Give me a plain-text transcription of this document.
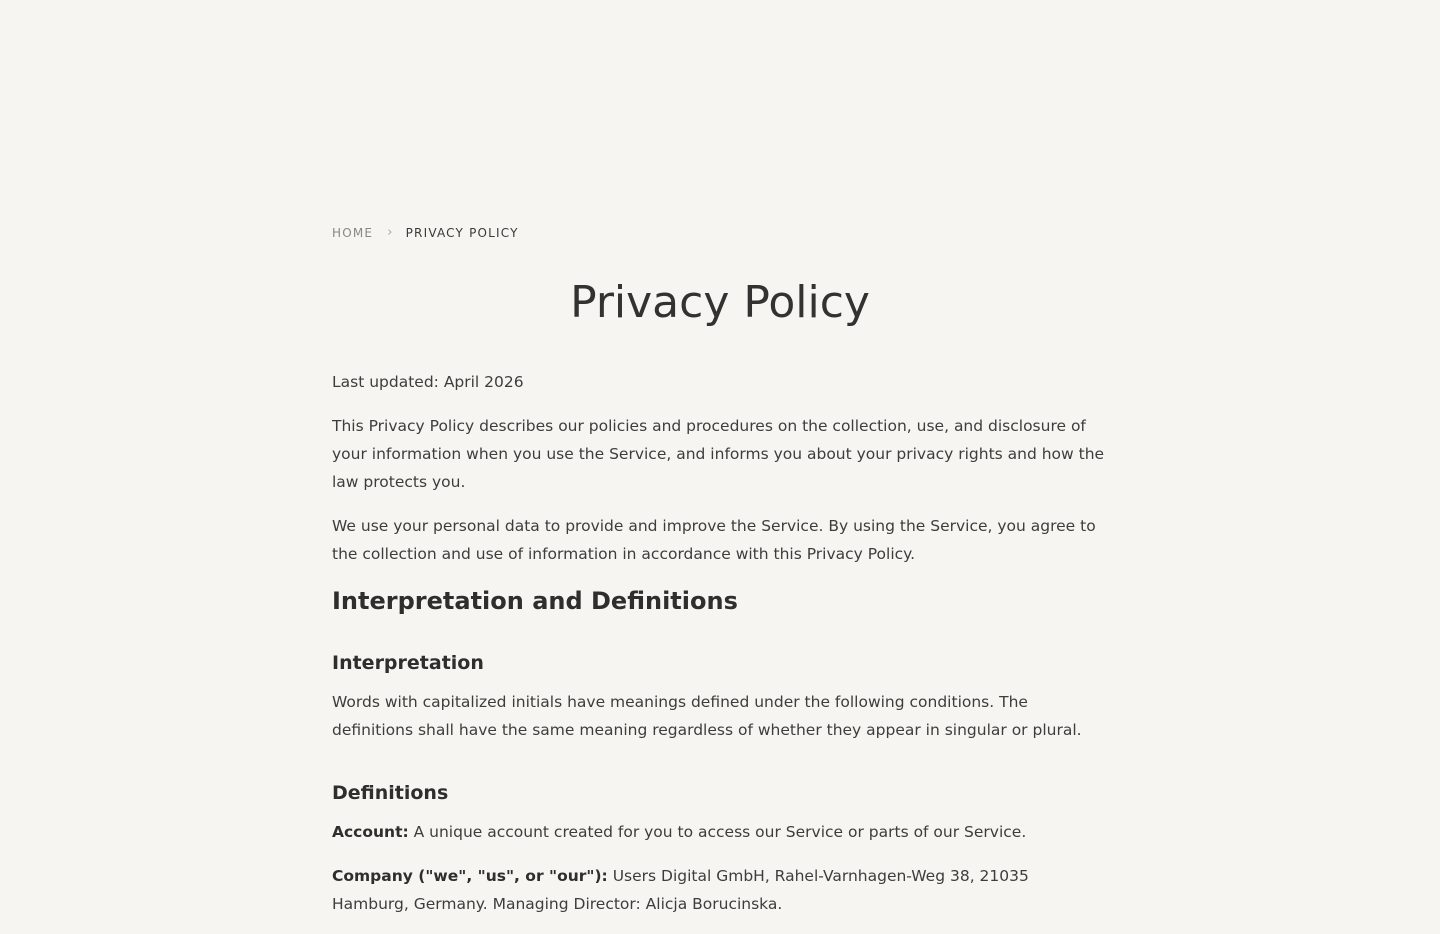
HOME › PRIVACY POLICY
Privacy Policy

Last updated: April 2026

This Privacy Policy describes our policies and procedures on the collection, use, and disclosure of your information when you use the Service, and informs you about your privacy rights and how the law protects you.

We use your personal data to provide and improve the Service. By using the Service, you agree to the collection and use of information in accordance with this Privacy Policy.

Interpretation and Definitions
Interpretation

Words with capitalized initials have meanings defined under the following conditions. The definitions shall have the same meaning regardless of whether they appear in singular or plural.

Definitions

Account: A unique account created for you to access our Service or parts of our Service.

Company ("we", "us", or "our"): Users Digital GmbH, Rahel-Varnhagen-Weg 38, 21035 Hamburg, Germany. Managing Director: Alicja Borucinska.
